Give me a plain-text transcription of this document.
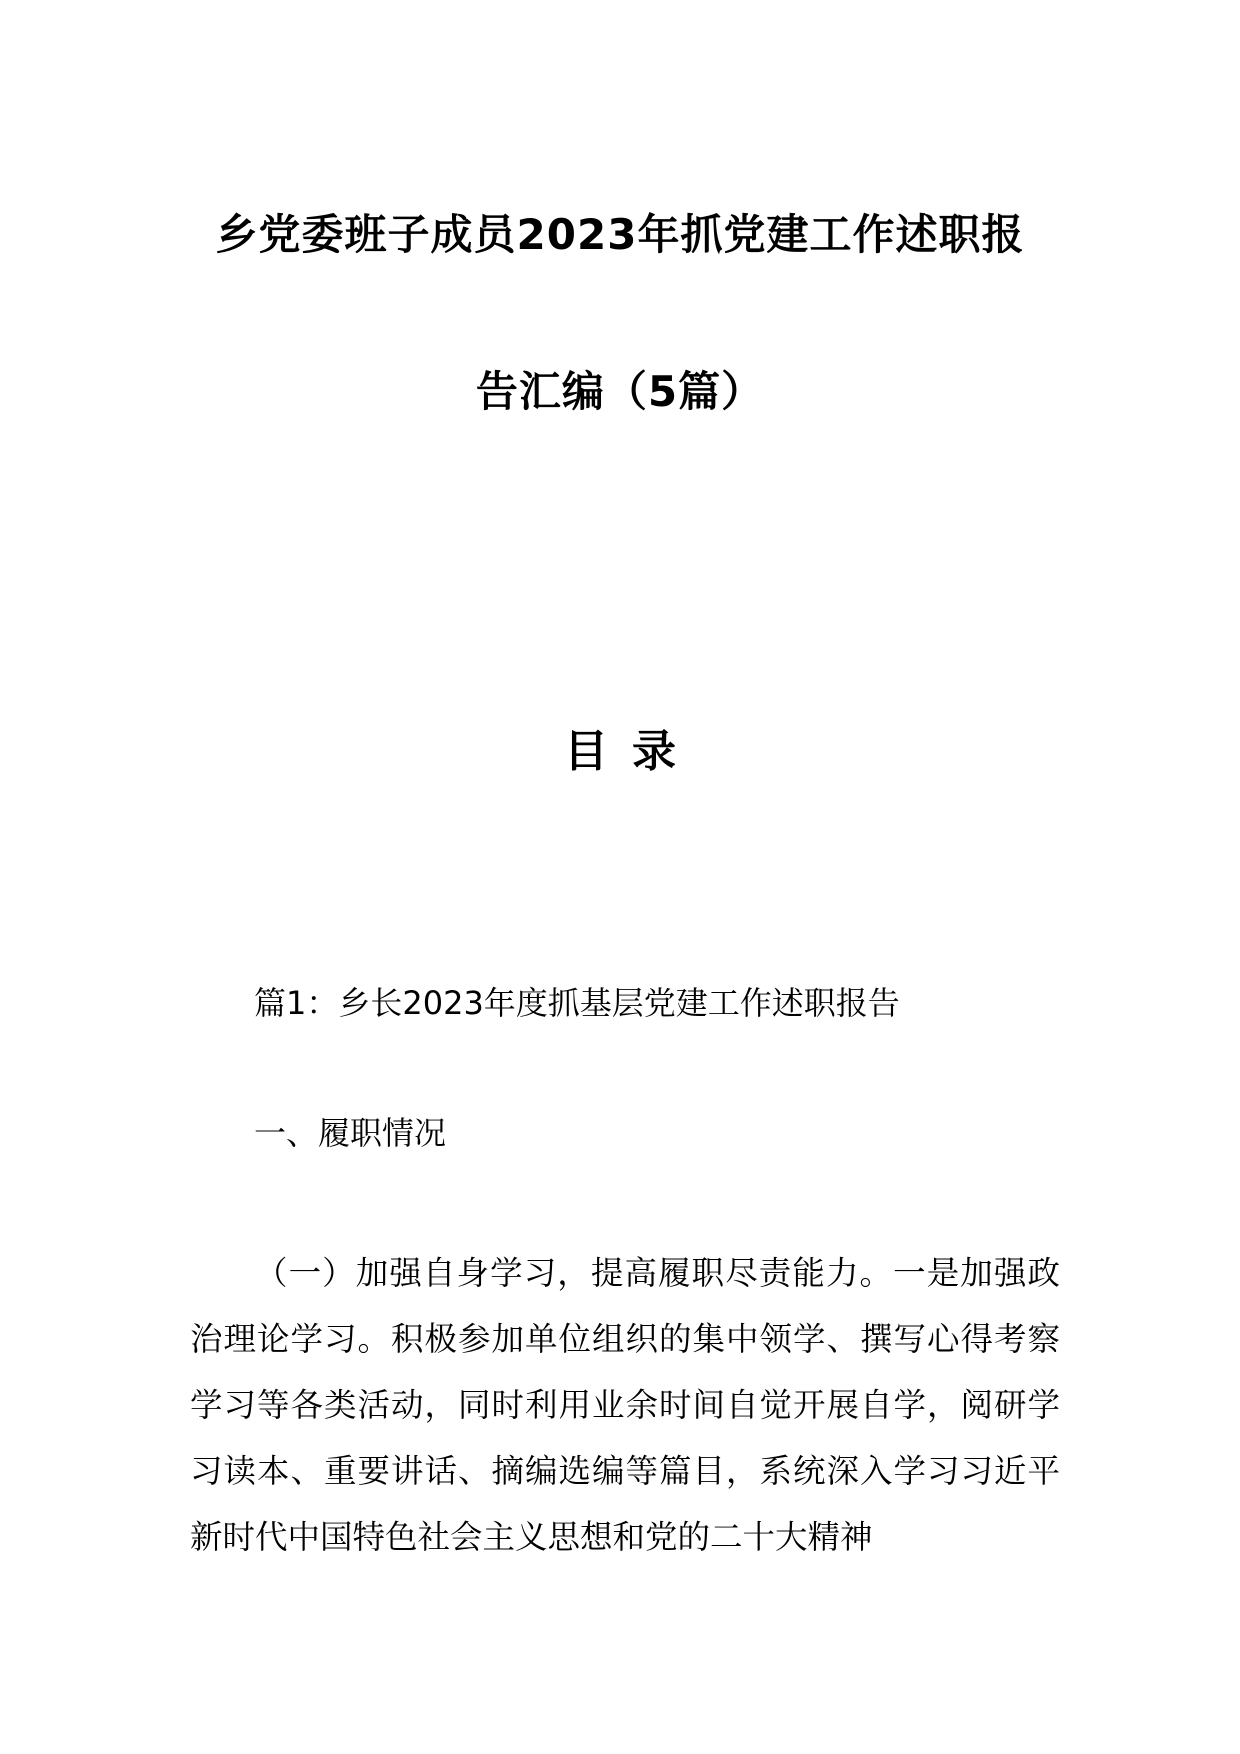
乡党委班子成员2023年抓党建工作述职报
告汇编（5篇）
目录
篇1：乡长2023年度抓基层党建工作述职报告
一、履职情况
（一）加强自身学习，提高履职尽责能力。一是加强政治理论学习。积极参加单位组织的集中领学、撰写心得考察学习等各类活动，同时利用业余时间自觉开展自学，阅研学习读本、重要讲话、摘编选编等篇目，系统深入学习习近平新时代中国特色社会主义思想和党的二十大精神
